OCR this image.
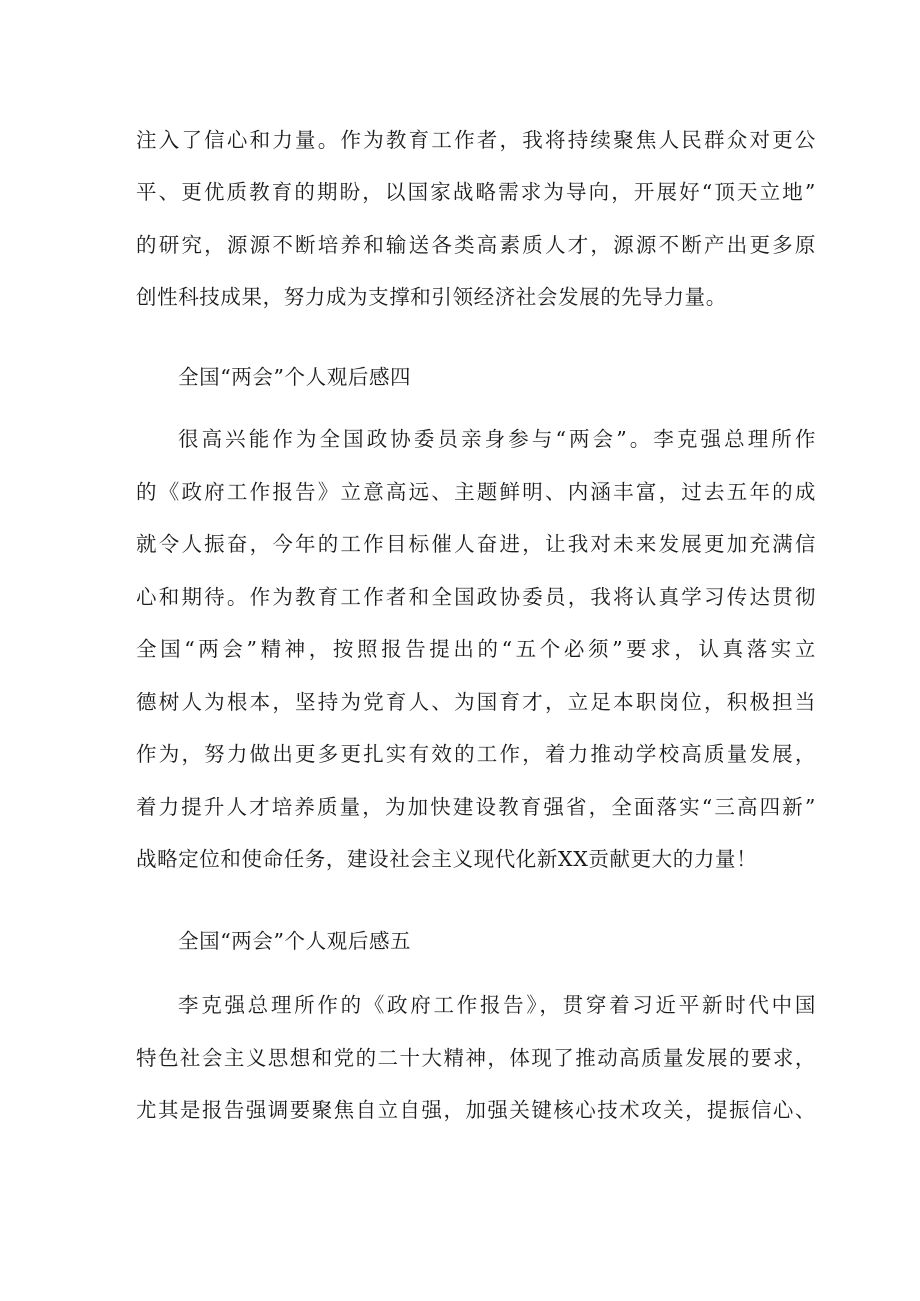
注入了信心和力量。作为教育工作者，我将持续聚焦人民群众对更公
平、更优质教育的期盼，以国家战略需求为导向，开展好“顶天立地”
的研究，源源不断培养和输送各类高素质人才，源源不断产出更多原
创性科技成果，努力成为支撑和引领经济社会发展的先导力量。
全国“两会”个人观后感四
很高兴能作为全国政协委员亲身参与“两会”。李克强总理所作
的《政府工作报告》立意高远、主题鲜明、内涵丰富，过去五年的成
就令人振奋，今年的工作目标催人奋进，让我对未来发展更加充满信
心和期待。作为教育工作者和全国政协委员，我将认真学习传达贯彻
全国“两会”精神，按照报告提出的“五个必须”要求，认真落实立
德树人为根本，坚持为党育人、为国育才，立足本职岗位，积极担当
作为，努力做出更多更扎实有效的工作，着力推动学校高质量发展，
着力提升人才培养质量，为加快建设教育强省，全面落实“三高四新”
战略定位和使命任务，建设社会主义现代化新XX贡献更大的力量！
全国“两会”个人观后感五
李克强总理所作的《政府工作报告》，贯穿着习近平新时代中国
特色社会主义思想和党的二十大精神，体现了推动高质量发展的要求，
尤其是报告强调要聚焦自立自强，加强关键核心技术攻关，提振信心、
